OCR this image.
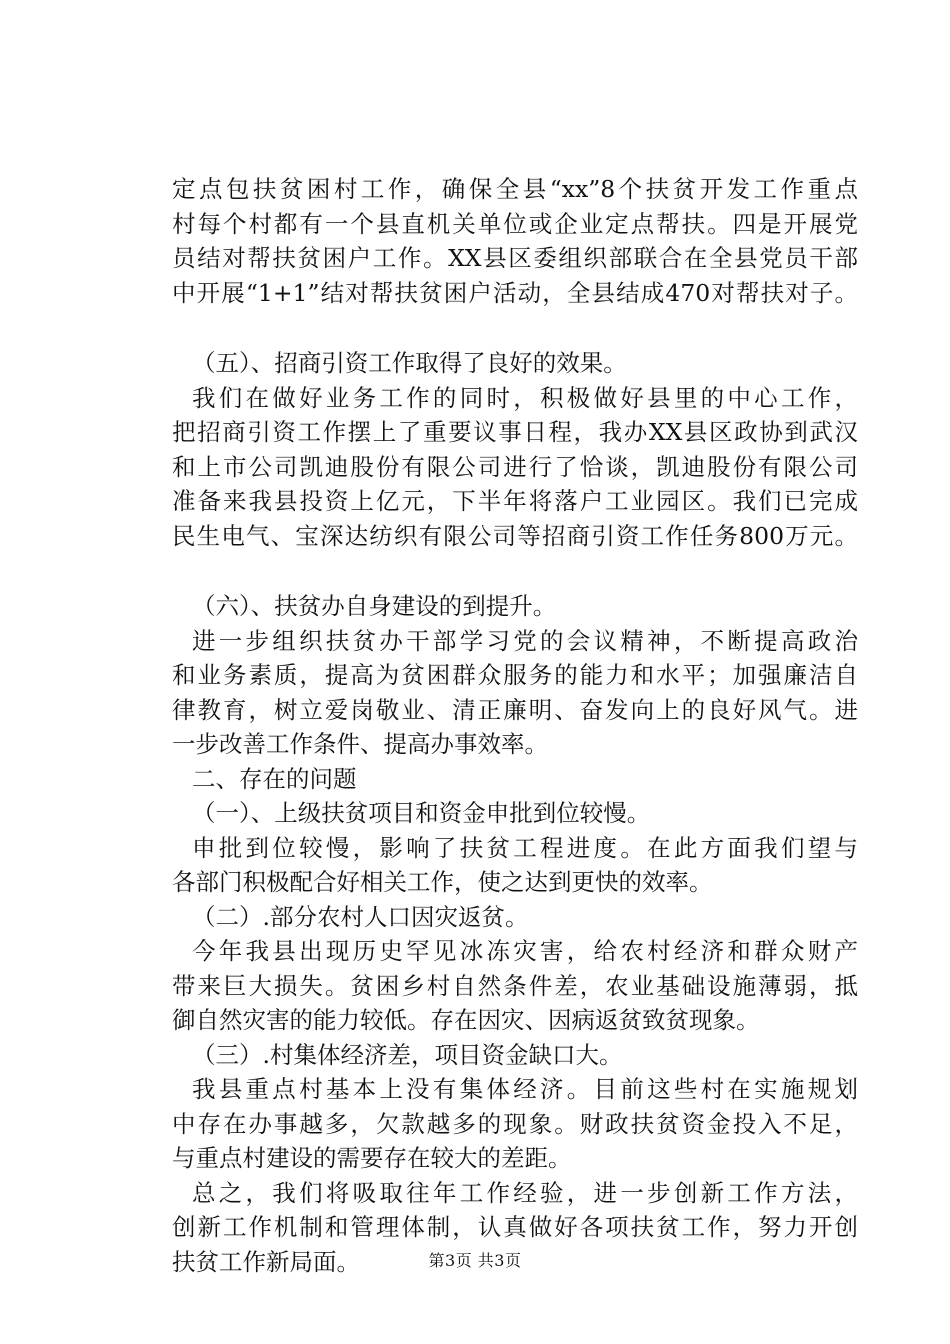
定点包扶贫困村工作，确保全县“xx”8个扶贫开发工作重点
村每个村都有一个县直机关单位或企业定点帮扶。四是开展党
员结对帮扶贫困户工作。XX县区委组织部联合在全县党员干部
中开展“1+1”结对帮扶贫困户活动，全县结成470对帮扶对子。
（五）、招商引资工作取得了良好的效果。
我们在做好业务工作的同时，积极做好县里的中心工作，
把招商引资工作摆上了重要议事日程，我办XX县区政协到武汉
和上市公司凯迪股份有限公司进行了恰谈，凯迪股份有限公司
准备来我县投资上亿元，下半年将落户工业园区。我们已完成
民生电气、宝深达纺织有限公司等招商引资工作任务800万元。
（六）、扶贫办自身建设的到提升。
进一步组织扶贫办干部学习党的会议精神，不断提高政治
和业务素质，提高为贫困群众服务的能力和水平；加强廉洁自
律教育，树立爱岗敬业、清正廉明、奋发向上的良好风气。进
一步改善工作条件、提高办事效率。
二、存在的问题
（一）、上级扶贫项目和资金申批到位较慢。
申批到位较慢，影响了扶贫工程进度。在此方面我们望与
各部门积极配合好相关工作，使之达到更快的效率。
（二）.部分农村人口因灾返贫。
今年我县出现历史罕见冰冻灾害，给农村经济和群众财产
带来巨大损失。贫困乡村自然条件差，农业基础设施薄弱，抵
御自然灾害的能力较低。存在因灾、因病返贫致贫现象。
（三）.村集体经济差，项目资金缺口大。
我县重点村基本上没有集体经济。目前这些村在实施规划
中存在办事越多，欠款越多的现象。财政扶贫资金投入不足，
与重点村建设的需要存在较大的差距。
总之，我们将吸取往年工作经验，进一步创新工作方法，
创新工作机制和管理体制，认真做好各项扶贫工作，努力开创
扶贫工作新局面。	第3页 共3页
